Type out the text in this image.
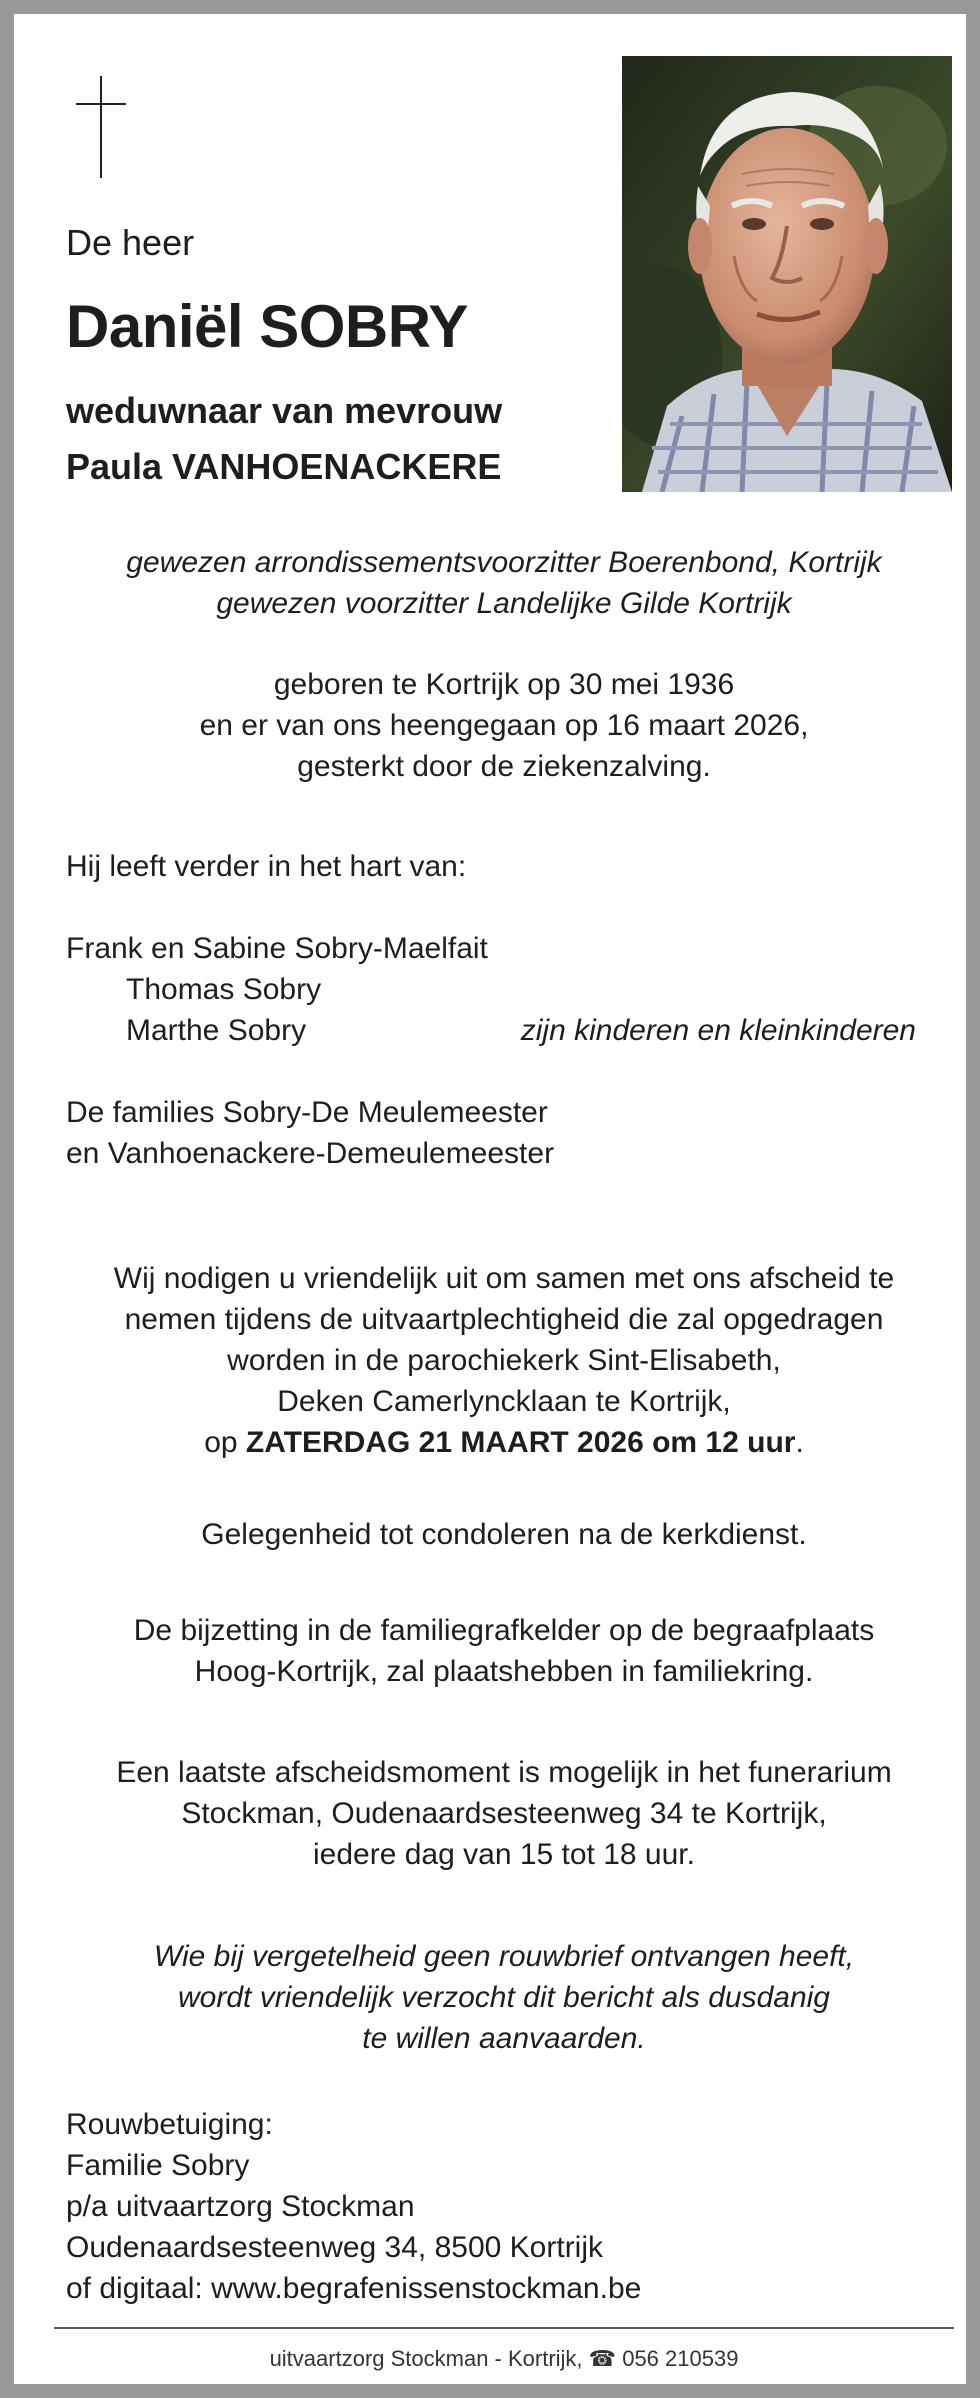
De heer
Daniël SOBRY
weduwnaar van mevrouw
Paula VANHOENACKERE
gewezen arrondissementsvoorzitter Boerenbond, Kortrijk
gewezen voorzitter Landelijke Gilde Kortrijk
geboren te Kortrijk op 30 mei 1936
en er van ons heengegaan op 16 maart 2026,
gesterkt door de ziekenzalving.
Hij leeft verder in het hart van:
Frank en Sabine Sobry-Maelfait
Thomas Sobry
Marthe Sobry	zijn kinderen en kleinkinderen
De families Sobry-De Meulemeester
en Vanhoenackere-Demeulemeester
Wij nodigen u vriendelijk uit om samen met ons afscheid te
nemen tijdens de uitvaartplechtigheid die zal opgedragen
worden in de parochiekerk Sint-Elisabeth,
Deken Camerlyncklaan te Kortrijk,
op ZATERDAG 21 MAART 2026 om 12 uur.
Gelegenheid tot condoleren na de kerkdienst.
De bijzetting in de familiegrafkelder op de begraafplaats
Hoog-Kortrijk, zal plaatshebben in familiekring.
Een laatste afscheidsmoment is mogelijk in het funerarium
Stockman, Oudenaardsesteenweg 34 te Kortrijk,
iedere dag van 15 tot 18 uur.
Wie bij vergetelheid geen rouwbrief ontvangen heeft,
wordt vriendelijk verzocht dit bericht als dusdanig
te willen aanvaarden.
Rouwbetuiging:
Familie Sobry
p/a uitvaartzorg Stockman
Oudenaardsesteenweg 34, 8500 Kortrijk
of digitaal: www.begrafenissenstockman.be
uitvaartzorg Stockman - Kortrijk, ☎ 056 210539
